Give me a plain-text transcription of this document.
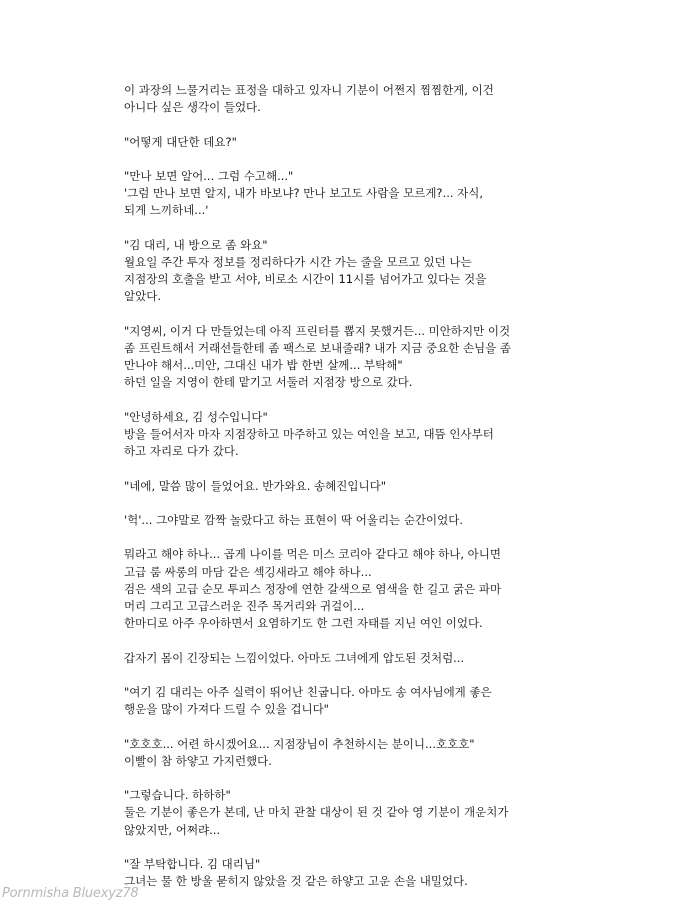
이 과장의 느물거리는 표정을 대하고 있자니 기분이 어쩐지 찜찜한게, 이건
아니다 싶은 생각이 들었다.
"어떻게 대단한 데요?"
"만나 보면 알어... 그럼 수고해..."
'그럼 만나 보면 알지, 내가 바보냐? 만나 보고도 사람을 모르게?... 자식,
되게 느끼하네...'
"김 대리, 내 방으로 좀 와요"
월요일 주간 투자 정보를 정리하다가 시간 가는 줄을 모르고 있던 나는
지점장의 호출을 받고 서야, 비로소 시간이 11시를 넘어가고 있다는 것을
알았다.
"지영씨, 이거 다 만들었는데 아직 프린터를 뽑지 못했거든... 미안하지만 이것
좀 프린트해서 거래선들한테 좀 팩스로 보내줄래? 내가 지금 중요한 손님을 좀
만나야 해서...미안, 그대신 내가 밥 한번 살께... 부탁해"
하던 일을 지영이 한테 맡기고 서둘러 지점장 방으로 갔다.
"안녕하세요, 김 성수입니다"
방을 들어서자 마자 지점장하고 마주하고 있는 여인을 보고, 대뜸 인사부터
하고 자리로 다가 갔다.
"네에, 말씀 많이 들었어요. 반가와요. 송혜진입니다"
'헉'... 그야말로 깜짝 놀랐다고 하는 표현이 딱 어울리는 순간이었다.
뭐라고 해야 하나... 곱게 나이를 먹은 미스 코리아 같다고 해야 하나, 아니면
고급 룸 싸롱의 마담 같은 섹깅새라고 해야 하나...
검은 색의 고급 순모 투피스 정장에 연한 갈색으로 염색을 한 길고 굵은 파마
머리 그리고 고급스러운 진주 목거리와 귀걸이...
한마디로 아주 우아하면서 요염하기도 한 그런 자태를 지닌 여인 이었다.
갑자기 몸이 긴장되는 느낌이었다. 아마도 그녀에게 압도된 것처럼...
"여기 김 대리는 아주 실력이 뛰어난 친굽니다. 아마도 송 여사님에게 좋은
행운을 많이 가져다 드릴 수 있을 겁니다"
"호호호... 어련 하시겠어요... 지점장님이 추천하시는 분이니...호호호"
이빨이 참 하얗고 가지런했다.
"그렇습니다. 하하하"
둘은 기분이 좋은가 본데, 난 마치 관찰 대상이 된 것 같아 영 기분이 개운치가
않았지만, 어쩌랴...
"잘 부탁합니다. 김 대리님"
그녀는 물 한 방울 묻히지 않았을 것 같은 하얗고 고운 손을 내밀었다.
Pornmisha Bluexyz78
